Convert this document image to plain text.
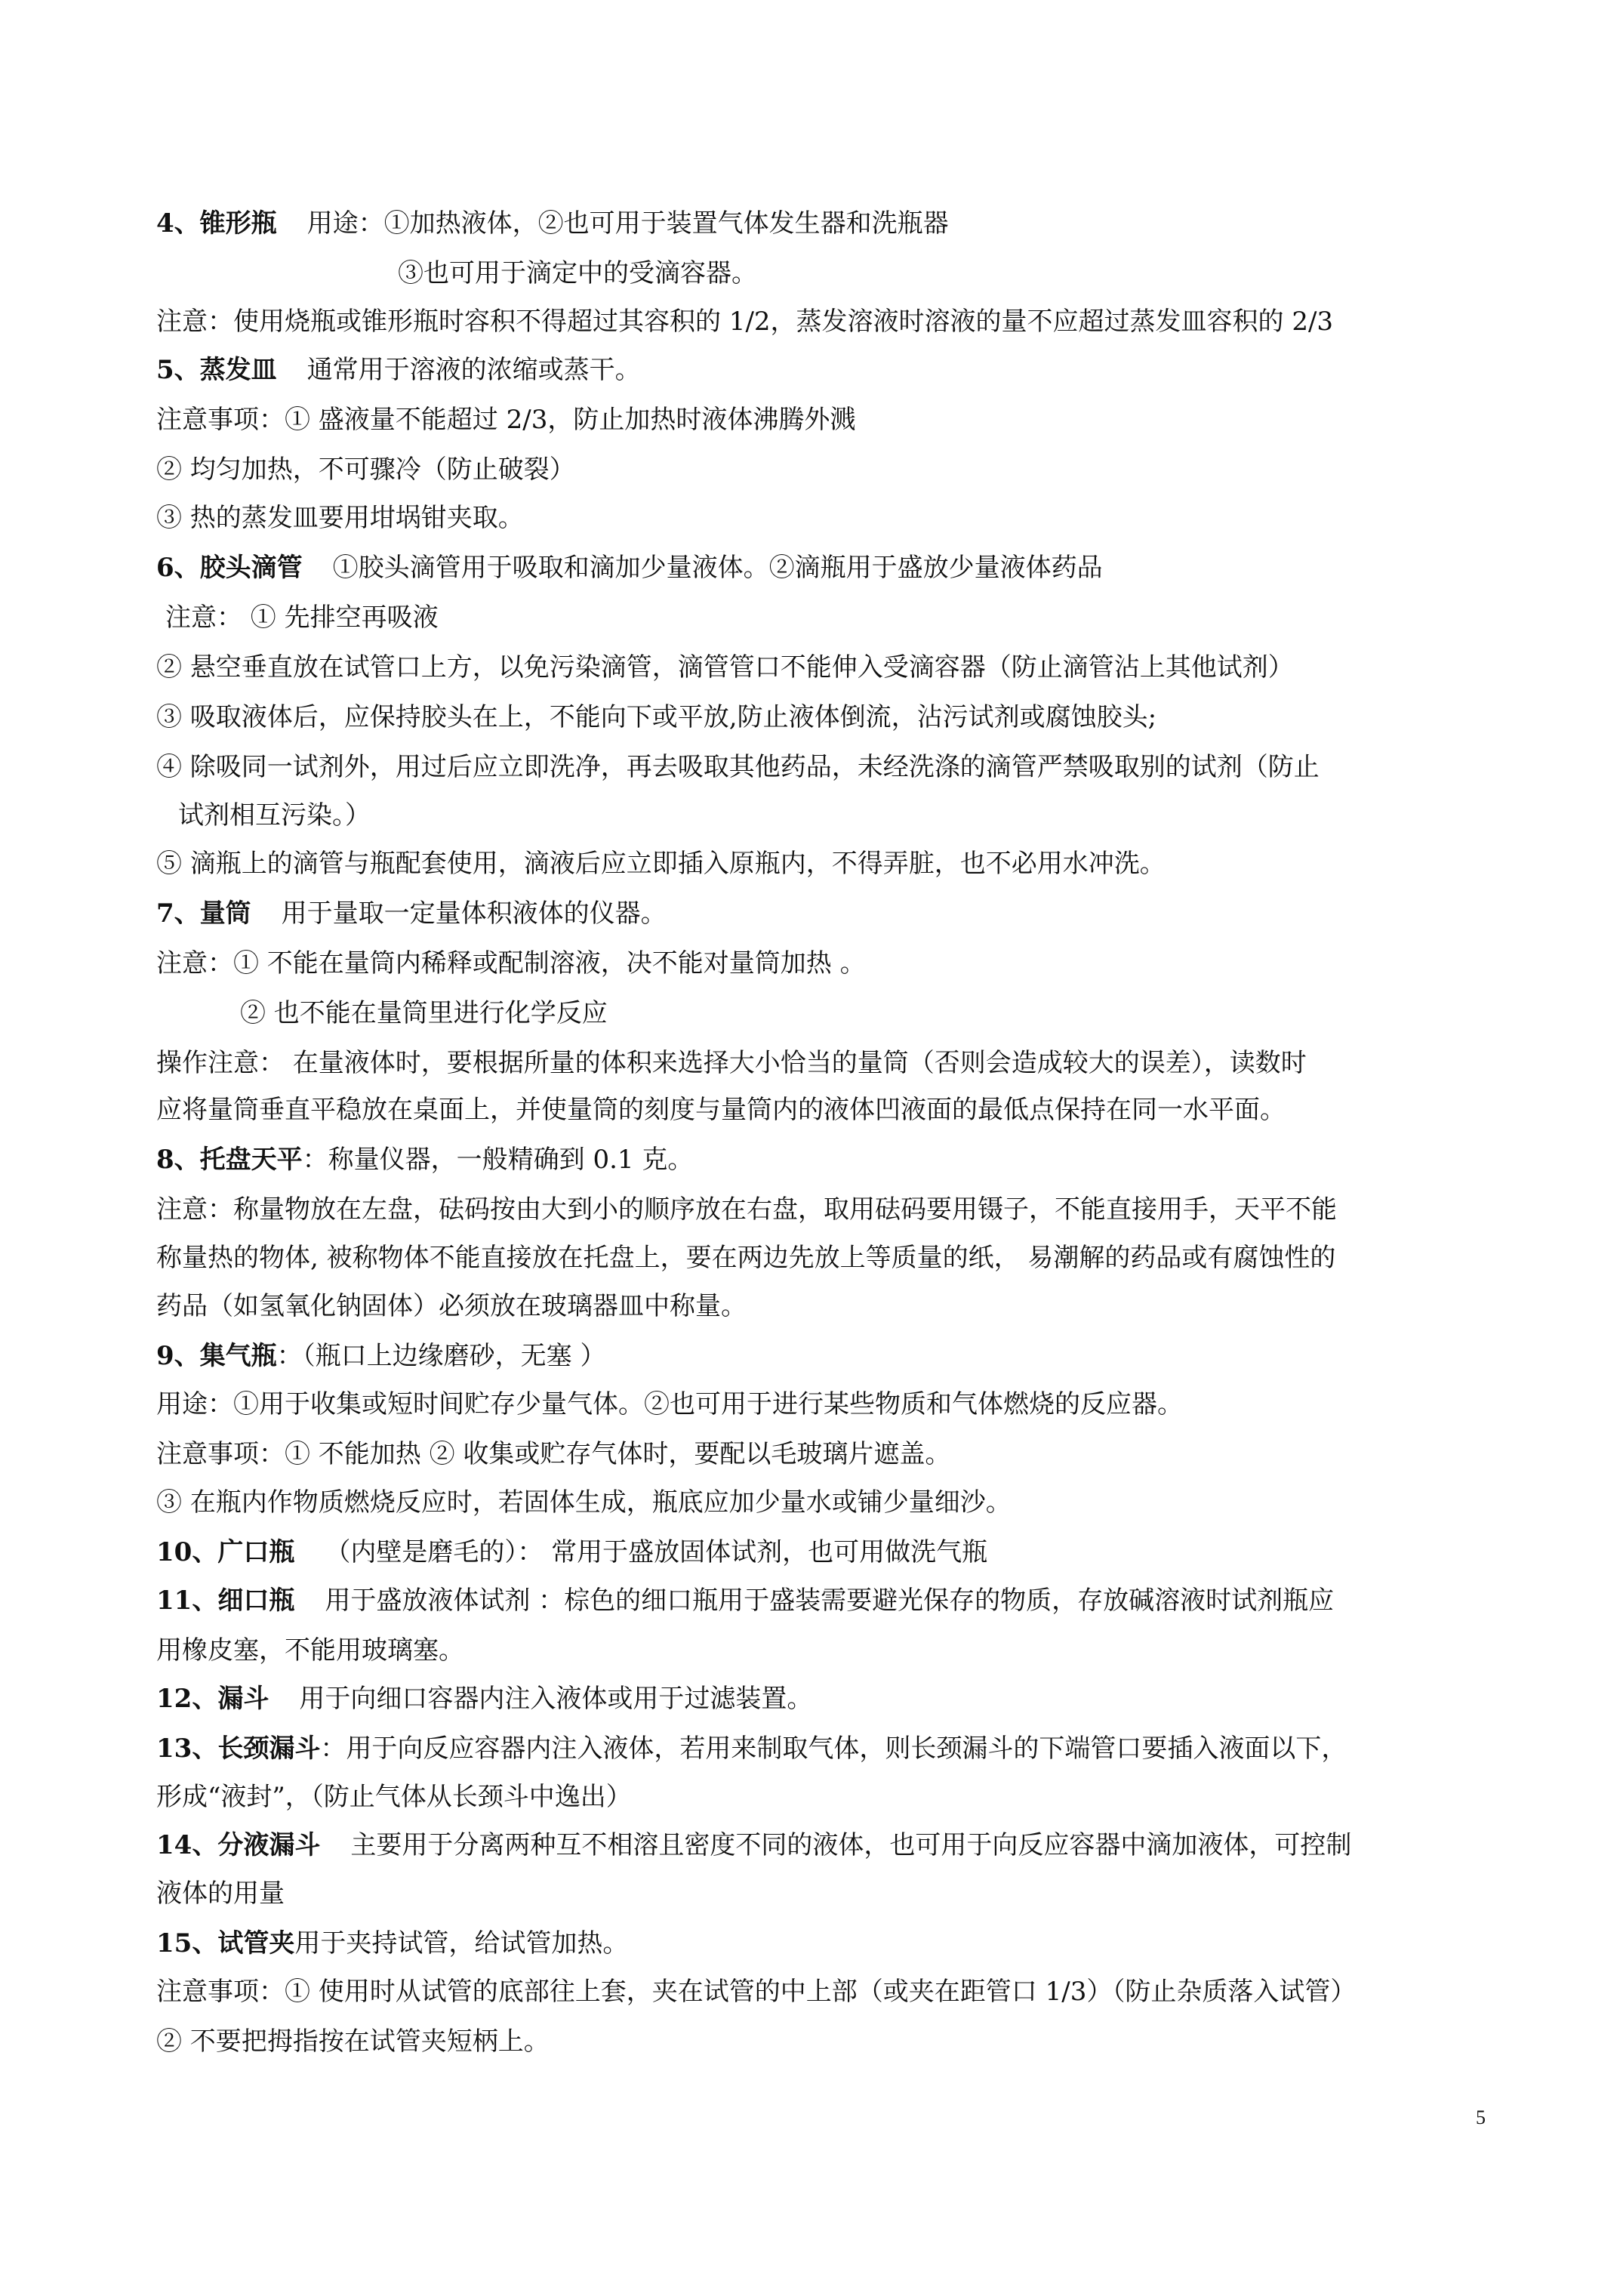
4、锥形瓶 用途：①加热液体，②也可用于装置气体发生器和洗瓶器
③也可用于滴定中的受滴容器。
注意：使用烧瓶或锥形瓶时容积不得超过其容积的 1/2，蒸发溶液时溶液的量不应超过蒸发皿容积的 2/3
5、蒸发皿 通常用于溶液的浓缩或蒸干。
注意事项：① 盛液量不能超过 2/3，防止加热时液体沸腾外溅
② 均匀加热，不可骤冷（防止破裂）
③ 热的蒸发皿要用坩埚钳夹取。
6、胶头滴管 ①胶头滴管用于吸取和滴加少量液体。②滴瓶用于盛放少量液体药品
注意： ① 先排空再吸液
② 悬空垂直放在试管口上方，以免污染滴管，滴管管口不能伸入受滴容器（防止滴管沾上其他试剂）
③ 吸取液体后，应保持胶头在上，不能向下或平放,防止液体倒流，沾污试剂或腐蚀胶头;
④ 除吸同一试剂外，用过后应立即洗净，再去吸取其他药品，未经洗涤的滴管严禁吸取别的试剂（防止
试剂相互污染。）
⑤ 滴瓶上的滴管与瓶配套使用，滴液后应立即插入原瓶内，不得弄脏，也不必用水冲洗。
7、量筒 用于量取一定量体积液体的仪器。
注意：① 不能在量筒内稀释或配制溶液，决不能对量筒加热 。
② 也不能在量筒里进行化学反应
操作注意： 在量液体时，要根据所量的体积来选择大小恰当的量筒（否则会造成较大的误差），读数时
应将量筒垂直平稳放在桌面上，并使量筒的刻度与量筒内的液体凹液面的最低点保持在同一水平面。
8、托盘天平：称量仪器，一般精确到 0.1 克。
注意：称量物放在左盘，砝码按由大到小的顺序放在右盘，取用砝码要用镊子，不能直接用手，天平不能
称量热的物体, 被称物体不能直接放在托盘上，要在两边先放上等质量的纸， 易潮解的药品或有腐蚀性的
药品（如氢氧化钠固体）必须放在玻璃器皿中称量。
9、集气瓶：（瓶口上边缘磨砂，无塞 ）
用途：①用于收集或短时间贮存少量气体。②也可用于进行某些物质和气体燃烧的反应器。
注意事项：① 不能加热 ② 收集或贮存气体时，要配以毛玻璃片遮盖。
③ 在瓶内作物质燃烧反应时，若固体生成，瓶底应加少量水或铺少量细沙。
10、广口瓶 （内壁是磨毛的）： 常用于盛放固体试剂，也可用做洗气瓶
11、细口瓶 用于盛放液体试剂 ：棕色的细口瓶用于盛装需要避光保存的物质，存放碱溶液时试剂瓶应
用橡皮塞，不能用玻璃塞。
12、漏斗 用于向细口容器内注入液体或用于过滤装置。
13、长颈漏斗：用于向反应容器内注入液体，若用来制取气体，则长颈漏斗的下端管口要插入液面以下，
形成“液封”，（防止气体从长颈斗中逸出）
14、分液漏斗 主要用于分离两种互不相溶且密度不同的液体，也可用于向反应容器中滴加液体，可控制
液体的用量
15、试管夹用于夹持试管，给试管加热。
注意事项：① 使用时从试管的底部往上套，夹在试管的中上部（或夹在距管口 1/3）（防止杂质落入试管）
② 不要把拇指按在试管夹短柄上。
5
